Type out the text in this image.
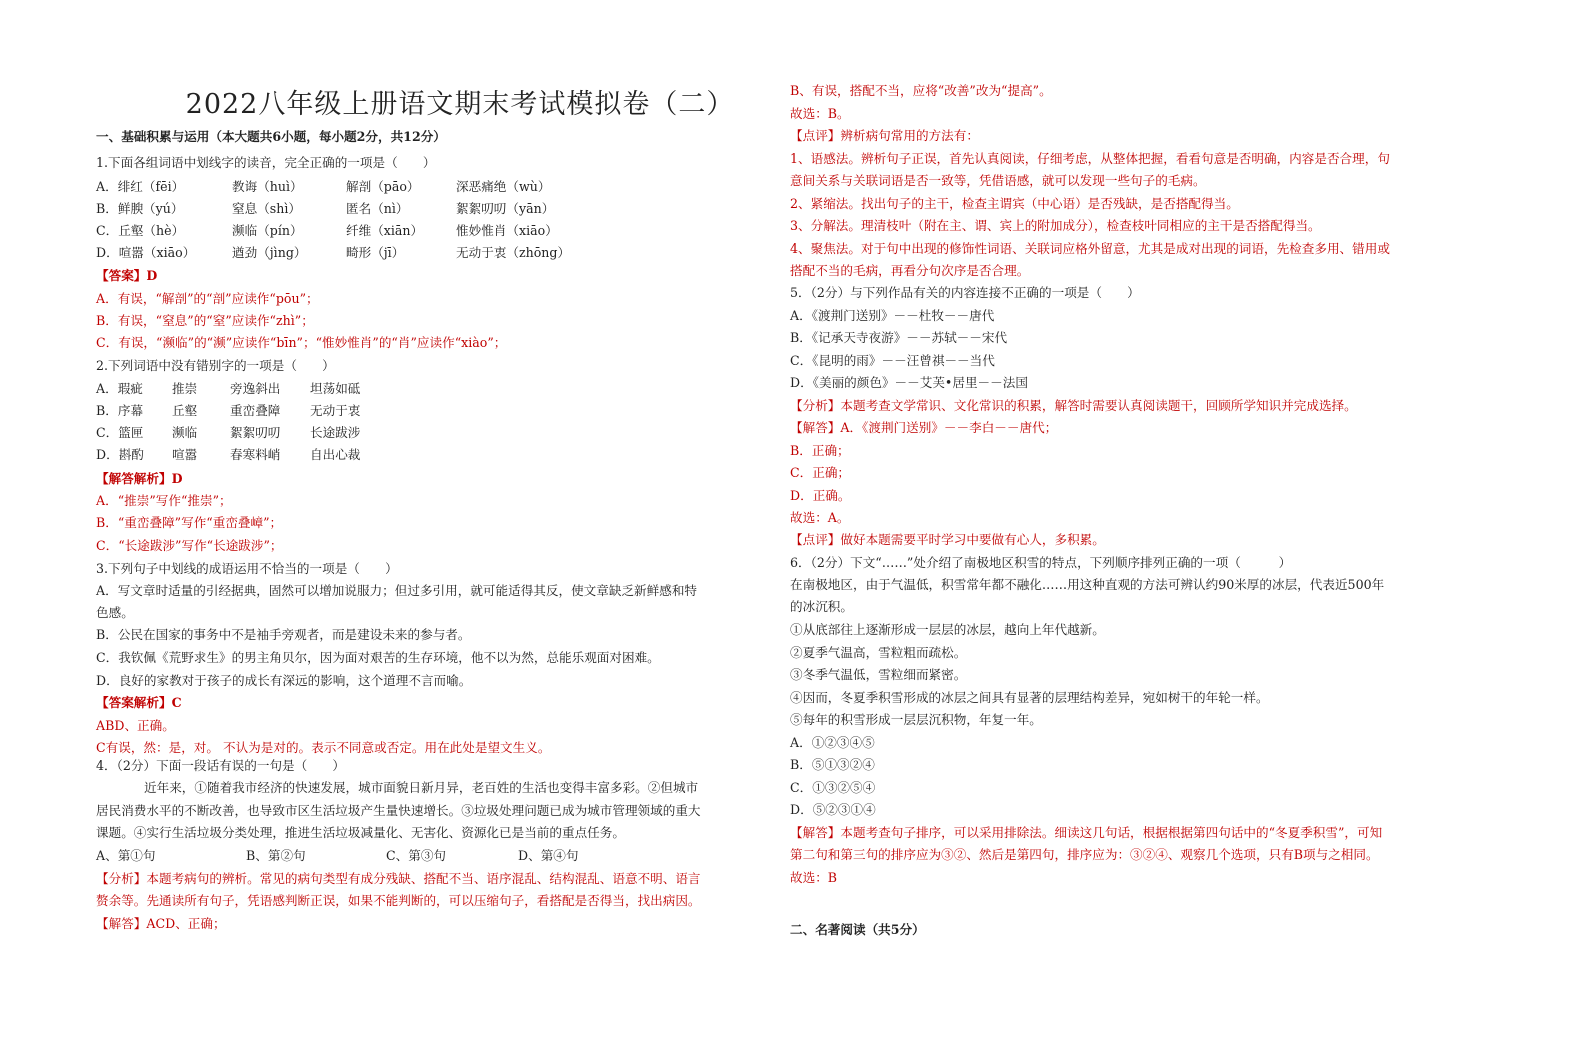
2022八年级上册语文期末考试模拟卷（二）
一、基础积累与运用（本大题共6小题，每小题2分，共12分）
1.下面各组词语中划线字的读音，完全正确的一项是（　　）
A．绯红（fēi）	教诲（huì）	解剖（pāo）	深恶痛绝（wù）
B．鲜腴（yú）	窒息（shì）	匿名（nì）	絮絮叨叨（yān）
C．丘壑（hè）	濒临（pín）	纤维（xiān）	惟妙惟肖（xiāo）
D．喧嚣（xiāo）	遒劲（jìng）	畸形（jī）	无动于衷（zhōng）
【答案】D
A．有误，“解剖”的“剖”应读作“pōu”；
B．有误，“窒息”的“窒”应读作“zhì”；
C．有误，“濒临”的“濒”应读作“bīn”；“惟妙惟肖”的“肖”应读作“xiào”；
2.下列词语中没有错别字的一项是（　　）
A．瑕疵 推崇	旁逸斜出 坦荡如砥
B．序幕 丘壑	重峦叠障 无动于衷
C．篮匣 濒临	絮絮叨叨 长途跋涉
D．斟酌 喧嚣	春寒料峭 自出心裁
【解答解析】D
A．“推崇”写作“推崇”；
B．“重峦叠障”写作“重峦叠嶂”；
C．“长途跋涉”写作“长途跋涉”；
3.下列句子中划线的成语运用不恰当的一项是（　　）
A．写文章时适量的引经据典，固然可以增加说服力；但过多引用，就可能适得其反，使文章缺乏新鲜感和特
色感。
B．公民在国家的事务中不是袖手旁观者，而是建设未来的参与者。
C．我钦佩《荒野求生》的男主角贝尔，因为面对艰苦的生存环境，他不以为然，总能乐观面对困难。
D．良好的家教对于孩子的成长有深远的影响，这个道理不言而喻。
【答案解析】C
ABD、正确。
C有误，然：是，对。 不认为是对的。表示不同意或否定。用在此处是望文生义。
4．（2分）下面一段话有误的一句是（　　）
近年来，①随着我市经济的快速发展，城市面貌日新月异，老百姓的生活也变得丰富多彩。②但城市
居民消费水平的不断改善，也导致市区生活垃圾产生量快速增长。③垃圾处理问题已成为城市管理领域的重大
课题。④实行生活垃圾分类处理，推进生活垃圾减量化、无害化、资源化已是当前的重点任务。
A、第①句	B、第②句	C、第③句	D、第④句
【分析】本题考病句的辨析。常见的病句类型有成分残缺、搭配不当、语序混乱、结构混乱、语意不明、语言
赘余等。先通读所有句子，凭语感判断正误，如果不能判断的，可以压缩句子，看搭配是否得当，找出病因。
【解答】ACD、正确；
B、有误，搭配不当，应将“改善”改为“提高”。
故选：B。
【点评】辨析病句常用的方法有：
1、语感法。辨析句子正误，首先认真阅读，仔细考虑，从整体把握，看看句意是否明确，内容是否合理，句
意间关系与关联词语是否一致等，凭借语感，就可以发现一些句子的毛病。
2、紧缩法。找出句子的主干，检查主谓宾（中心语）是否残缺，是否搭配得当。
3、分解法。理清枝叶（附在主、谓、宾上的附加成分），检查枝叶同相应的主干是否搭配得当。
4、聚焦法。对于句中出现的修饰性词语、关联词应格外留意，尤其是成对出现的词语，先检查多用、错用或
搭配不当的毛病，再看分句次序是否合理。
5．（2分）与下列作品有关的内容连接不正确的一项是（　　）
A．《渡荆门送别》－－杜牧－－唐代
B．《记承天寺夜游》－－苏轼－－宋代
C．《昆明的雨》－－汪曾祺－－当代
D．《美丽的颜色》－－艾芙•居里－－法国
【分析】本题考查文学常识、文化常识的积累，解答时需要认真阅读题干，回顾所学知识并完成选择。
【解答】A．《渡荆门送别》－－李白－－唐代；
B．正确；
C．正确；
D．正确。
故选：A。
【点评】做好本题需要平时学习中要做有心人，多积累。
6．（2分）下文“……”处介绍了南极地区积雪的特点，下列顺序排列正确的一项（　　　）
在南极地区，由于气温低，积雪常年都不融化……用这种直观的方法可辨认约90米厚的冰层，代表近500年
的冰沉积。
①从底部往上逐渐形成一层层的冰层，越向上年代越新。
②夏季气温高，雪粒粗而疏松。
③冬季气温低，雪粒细而紧密。
④因而，冬夏季积雪形成的冰层之间具有显著的层理结构差异，宛如树干的年轮一样。
⑤每年的积雪形成一层层沉积物，年复一年。
A．①②③④⑤
B．⑤①③②④
C．①③②⑤④
D．⑤②③①④
【解答】本题考查句子排序，可以采用排除法。细读这几句话，根据根据第四句话中的“冬夏季积雪”，可知
第二句和第三句的排序应为③②、然后是第四句，排序应为：③②④、观察几个选项，只有B项与之相同。
故选：B
二、名著阅读（共5分）
